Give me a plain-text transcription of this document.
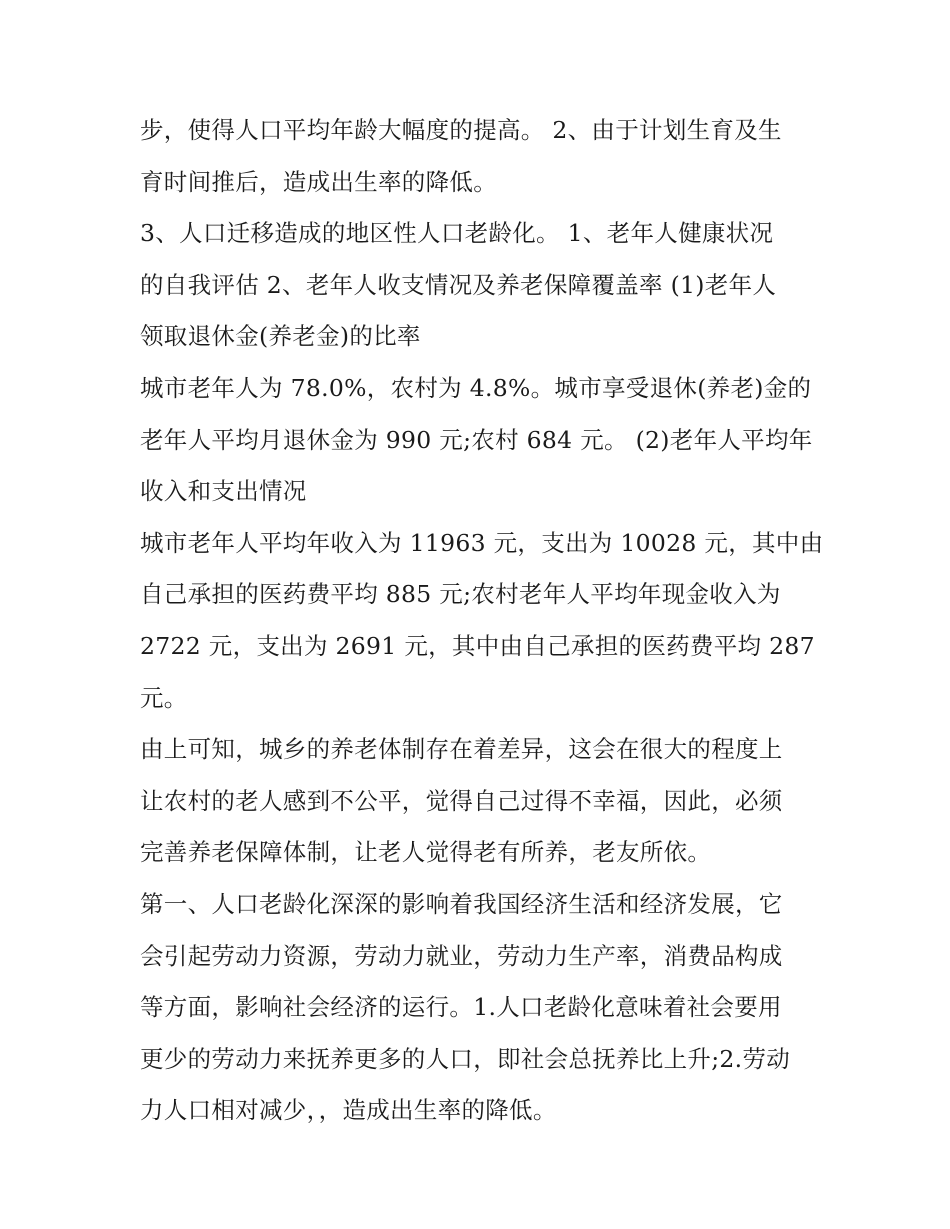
步，使得人口平均年龄大幅度的提高。 2、由于计划生育及生
育时间推后，造成出生率的降低。

3、人口迁移造成的地区性人口老龄化。 1、老年人健康状况
的自我评估 2、老年人收支情况及养老保障覆盖率 (1)老年人
领取退休金(养老金)的比率

城市老年人为 78.0%，农村为 4.8%。城市享受退休(养老)金的
老年人平均月退休金为 990 元;农村 684 元。 (2)老年人平均年
收入和支出情况

城市老年人平均年收入为 11963 元，支出为 10028 元，其中由
自己承担的医药费平均 885 元;农村老年人平均年现金收入为
2722 元，支出为 2691 元，其中由自己承担的医药费平均 287
元。

由上可知，城乡的养老体制存在着差异，这会在很大的程度上
让农村的老人感到不公平，觉得自己过得不幸福，因此，必须
完善养老保障体制，让老人觉得老有所养，老友所依。

第一、人口老龄化深深的影响着我国经济生活和经济发展，它
会引起劳动力资源，劳动力就业，劳动力生产率，消费品构成
等方面，影响社会经济的运行。1.人口老龄化意味着社会要用
更少的劳动力来抚养更多的人口，即社会总抚养比上升;2.劳动
力人口相对减少，，造成出生率的降低。
